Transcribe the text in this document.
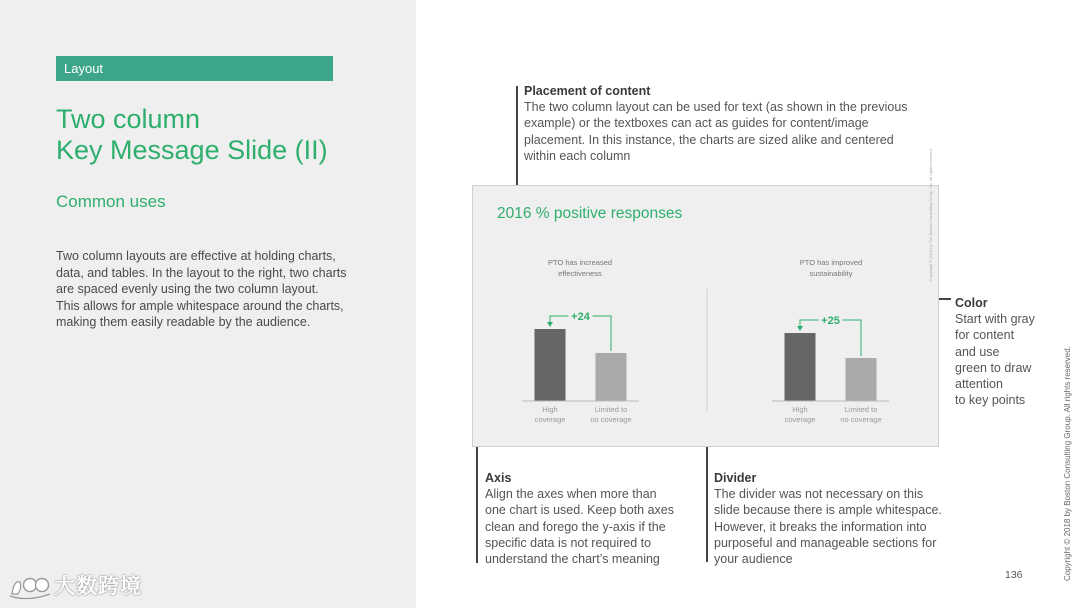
Layout
Two column
Key Message Slide (II)
Common uses
Two column layouts are effective at holding charts,
data, and tables. In the layout to the right, two charts
are spaced evenly using the two column layout.
This allows for ample whitespace around the charts,
making them easily readable by the audience.
大数跨境
Placement of content
The two column layout can be used for text (as shown in the previous
example) or the textboxes can act as guides for content/image
placement. In this instance, the charts are sized alike and centered
within each column
Color
Start with gray
for content
and use
green to draw
attention
to key points
Axis
Align the axes when more than
one chart is used. Keep both axes
clean and forego the y-axis if the
specific data is not required to
understand the chart’s meaning
Divider
The divider was not necessary on this
slide because there is ample whitespace.
However, it breaks the information into
purposeful and manageable sections for
your audience
2016 % positive responses	Copyright © 2018 by The Boston Consulting Group, Inc. All rights reserved.
PTO has increased
effectiveness
High
coverage
Limited to
no coverage
+24
PTO has improved
sustainability
High
coverage
Limited to
no coverage
+25
136	Copyright © 2018 by Boston Consulting Group. All rights reserved.
